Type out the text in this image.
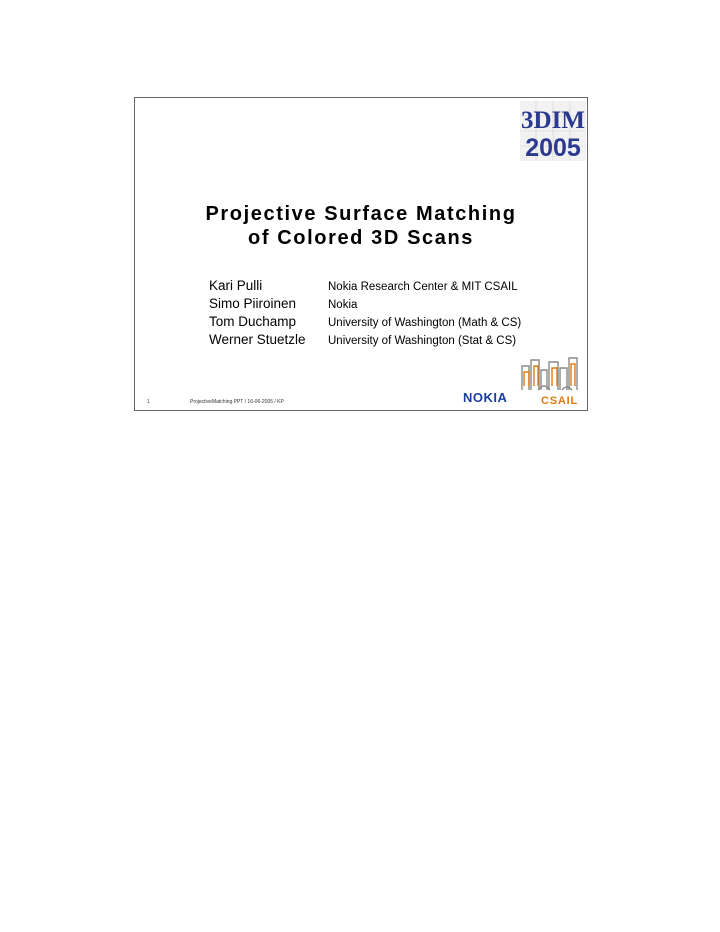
3DIM
2005
Projective Surface Matching
of Colored 3D Scans
Kari Pulli	Nokia Research Center & MIT CSAIL
Simo Piiroinen	Nokia
Tom Duchamp	University of Washington (Math & CS)
Werner Stuetzle	University of Washington (Stat & CS)
NOKIA	CSAIL
1	ProjectiveMatching.PPT / 16-06-2005 / KP
